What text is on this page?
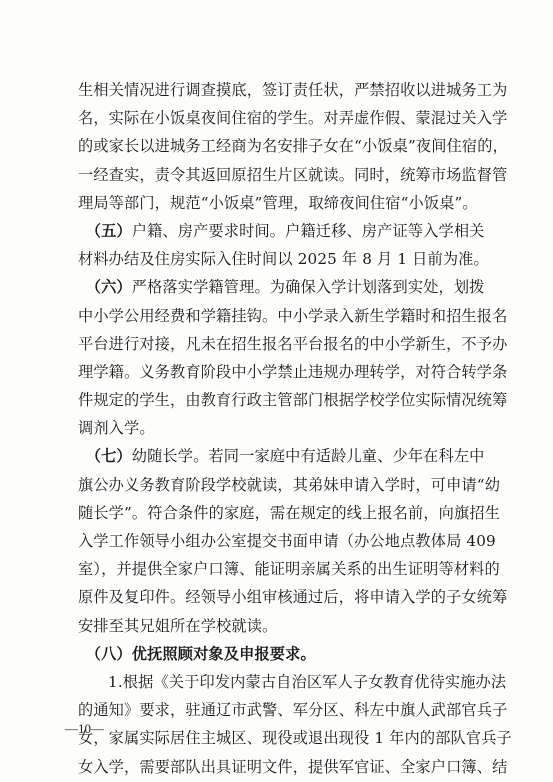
生相关情况进行调查摸底，签订责任状，严禁招收以进城务工为
名，实际在小饭桌夜间住宿的学生。对弄虚作假、蒙混过关入学
的或家长以进城务工经商为名安排子女在“小饭桌”夜间住宿的，
一经查实，责令其返回原招生片区就读。同时，统筹市场监督管
理局等部门，规范“小饭桌”管理，取缔夜间住宿“小饭桌”。
　（五）户籍、房产要求时间。户籍迁移、房产证等入学相关
材料办结及住房实际入住时间以 2025 年 8 月 1 日前为准。
　（六）严格落实学籍管理。为确保入学计划落到实处，划拨
中小学公用经费和学籍挂钩。中小学录入新生学籍时和招生报名
平台进行对接，凡未在招生报名平台报名的中小学新生，不予办
理学籍。义务教育阶段中小学禁止违规办理转学，对符合转学条
件规定的学生，由教育行政主管部门根据学校学位实际情况统筹
调剂入学。
　（七）幼随长学。若同一家庭中有适龄儿童、少年在科左中
旗公办义务教育阶段学校就读，其弟妹申请入学时，可申请“幼
随长学”。符合条件的家庭，需在规定的线上报名前，向旗招生
入学工作领导小组办公室提交书面申请（办公地点教体局 409
室），并提供全家户口簿、能证明亲属关系的出生证明等材料的
原件及复印件。经领导小组审核通过后，将申请入学的子女统筹
安排至其兄姐所在学校就读。
　（八）优抚照顾对象及申报要求。
1.根据《关于印发内蒙古自治区军人子女教育优待实施办法
的通知》要求，驻通辽市武警、军分区、科左中旗人武部官兵子
女，家属实际居住主城区、现役或退出现役 1 年内的部队官兵子
女入学，需要部队出具证明文件，提供军官证、全家户口簿、结
—10—
